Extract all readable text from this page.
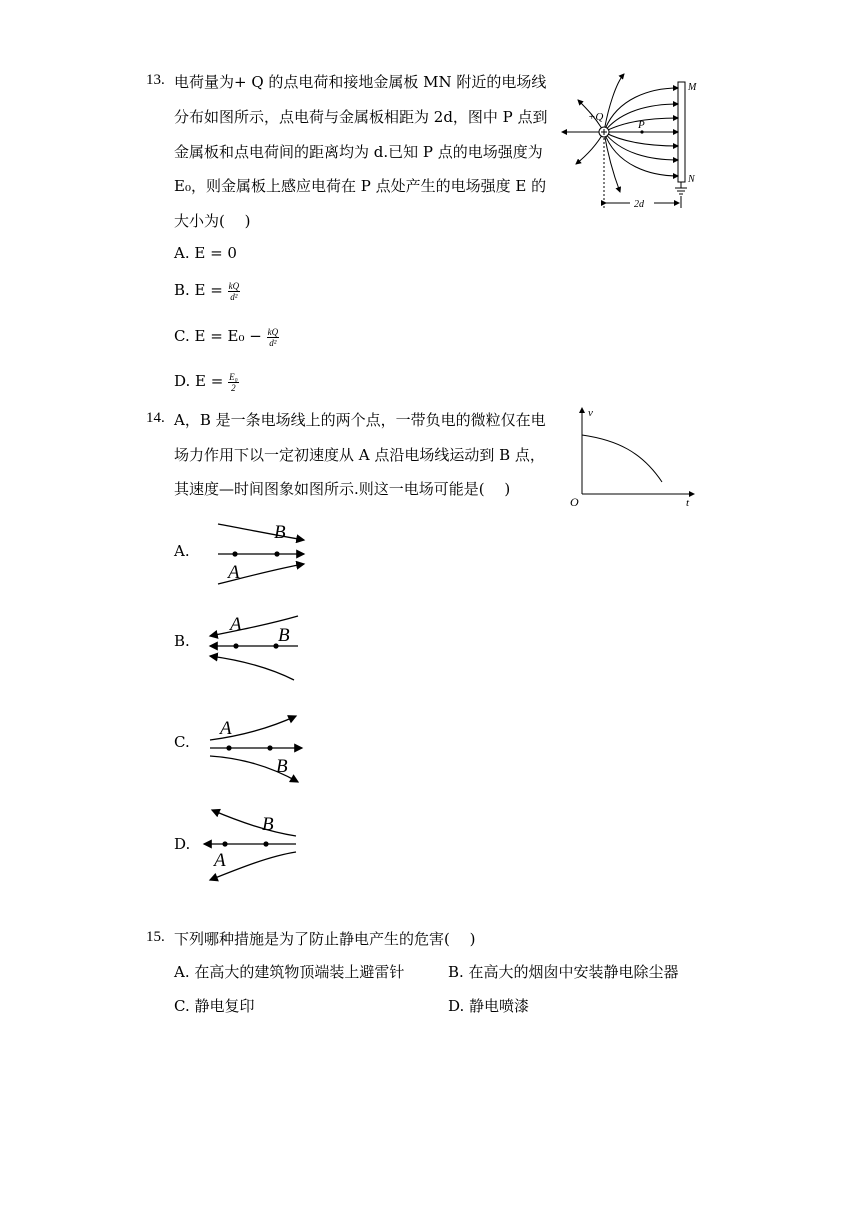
13. 电荷量为+ Q 的点电荷和接地金属板 MN 附近的电场线
分布如图所示，点电荷与金属板相距为 2d，图中 P 点到
金属板和点电荷间的距离均为 d.已知 P 点的电场强度为
E₀，则金属板上感应电荷在 P 点处产生的电场强度 E 的
大小为(　 )
A. E = 0
B. $E = \frac{kQ}{\text{d²}}$
C. $E = E_0 - \frac{kQ}{\text{d²}}$
D. $E = \frac{\text{E₀}}{2}$
+Q
P
M
N
2d
14. A，B 是一条电场线上的两个点，一带负电的微粒仅在电
场力作用下以一定初速度从 A 点沿电场线运动到 B 点，
其速度—时间图象如图所示.则这一电场可能是(　 )
v
t
O
A.
B
A
B.
A
B
C.
A
B
D.
B
A
15. 下列哪种措施是为了防止静电产生的危害(　 )
A. 在高大的建筑物顶端装上避雷针	B. 在高大的烟囱中安装静电除尘器
C. 静电复印	D. 静电喷漆
